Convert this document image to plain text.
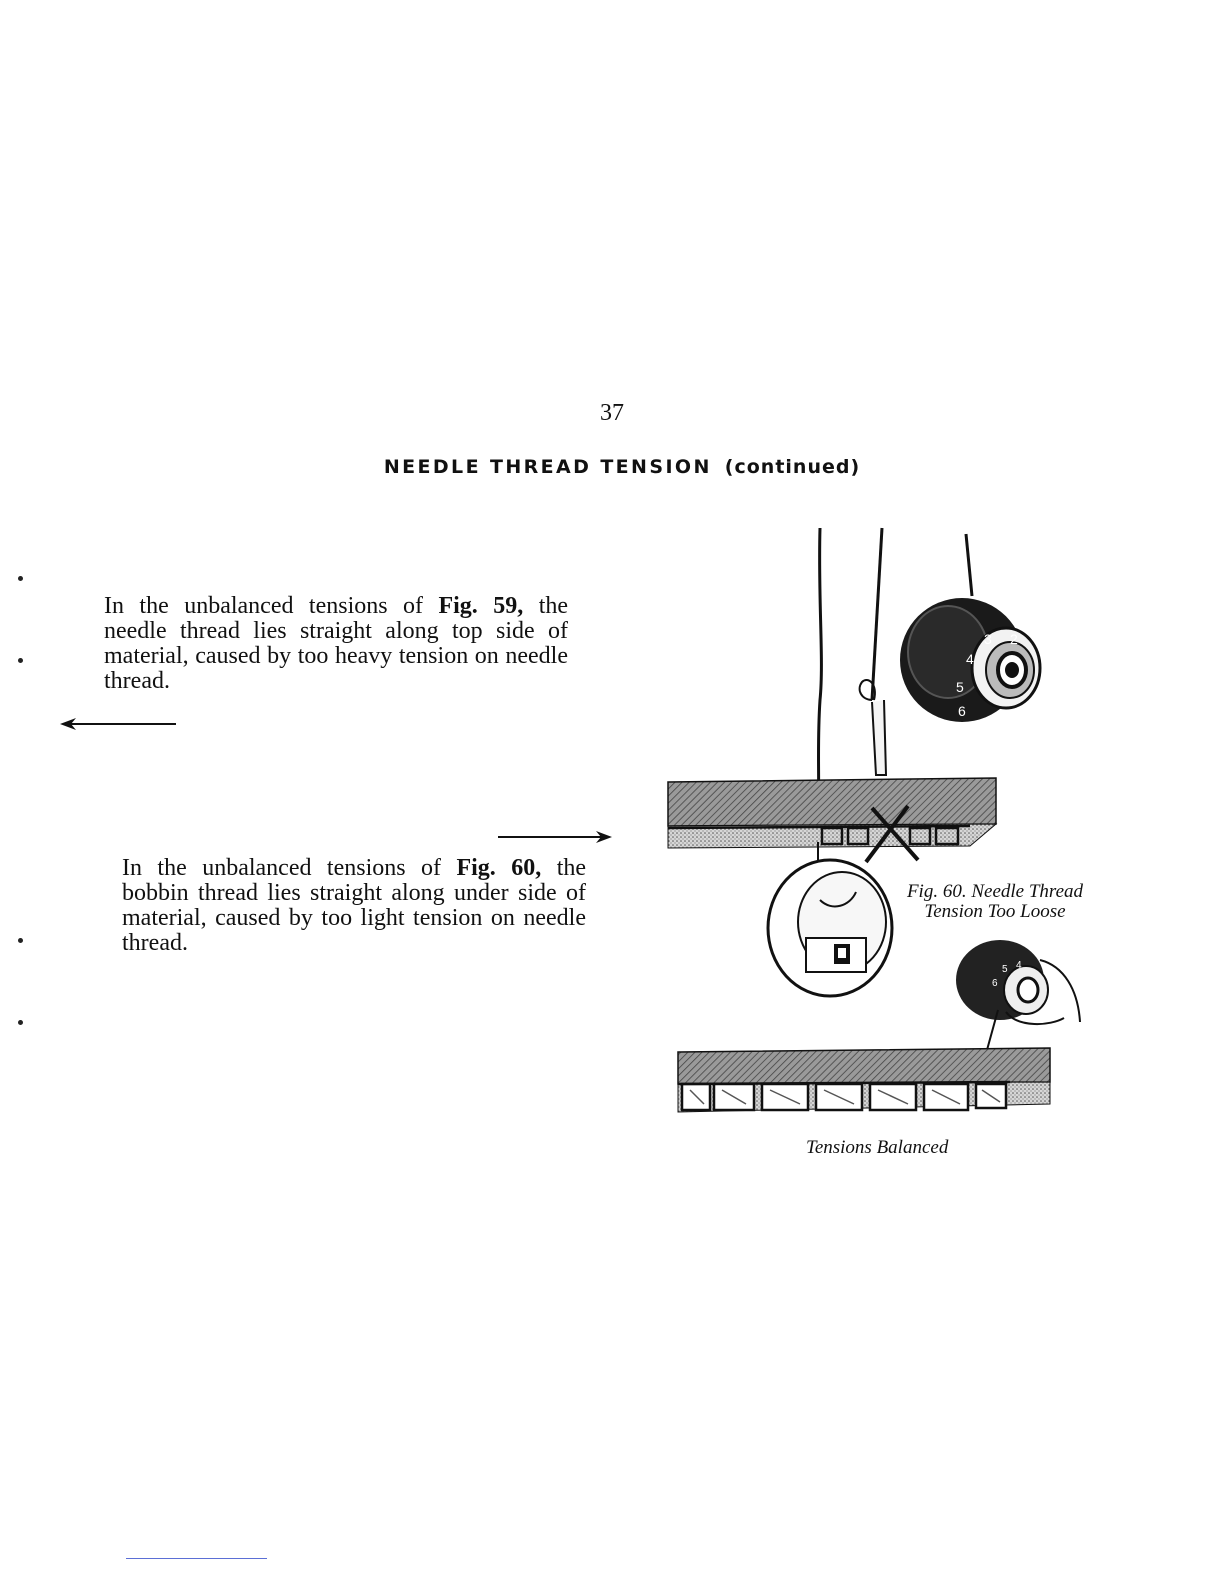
37
NEEDLE THREAD TENSION (continued)

In the unbalanced tensions of Fig. 59, the needle thread lies straight along top side of material, caused by too heavy tension on needle thread.

In the unbalanced tensions of Fig. 60, the bobbin thread lies straight along under side of material, caused by too light tension on needle thread.

2
3
4
5
6
4
5
6
Fig. 60. Needle Thread
Tension Too Loose
Tensions Balanced
